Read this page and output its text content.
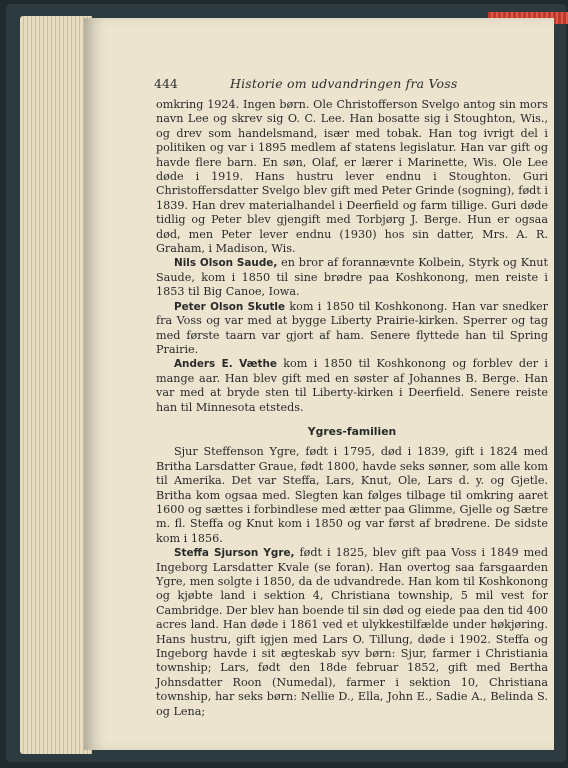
444	Historie om udvandringen fra Voss

omkring 1924. Ingen børn. Ole Christofferson Svelgo antog sin mors navn Lee og skrev sig O. C. Lee. Han bosatte sig i Stoughton, Wis., og drev som handelsmand, især med tobak. Han tog ivrigt del i politiken og var i 1895 medlem af statens legislatur. Han var gift og havde flere barn. En søn, Olaf, er lærer i Marinette, Wis. Ole Lee døde i 1919. Hans hustru lever endnu i Stoughton. Guri Christoffersdatter Svelgo blev gift med Peter Grinde (sogning), født i 1839. Han drev materialhandel i Deerfield og farm tillige. Guri døde tidlig og Peter blev gjengift med Torbjørg J. Berge. Hun er ogsaa død, men Peter lever endnu (1930) hos sin datter, Mrs. A. R. Graham, i Madison, Wis.

Nils Olson Saude, en bror af forannævnte Kolbein, Styrk og Knut Saude, kom i 1850 til sine brødre paa Koshkonong, men reiste i 1853 til Big Canoe, Iowa.

Peter Olson Skutle kom i 1850 til Koshkonong. Han var snedker fra Voss og var med at bygge Liberty Prairie-kirken. Sperrer og tag med første taarn var gjort af ham. Senere flyttede han til Spring Prairie.

Anders E. Væthe kom i 1850 til Koshkonong og forblev der i mange aar. Han blev gift med en søster af Johannes B. Berge. Han var med at bryde sten til Liberty-kirken i Deerfield. Senere reiste han til Minnesota etsteds.

Ygres-familien

Sjur Steffenson Ygre, født i 1795, død i 1839, gift i 1824 med Britha Larsdatter Graue, født 1800, havde seks sønner, som alle kom til Amerika. Det var Steffa, Lars, Knut, Ole, Lars d. y. og Gjetle. Britha kom ogsaa med. Slegten kan følges tilbage til omkring aaret 1600 og sættes i forbindlese med ætter paa Glimme, Gjelle og Sætre m. fl. Steffa og Knut kom i 1850 og var først af brødrene. De sidste kom i 1856.

Steffa Sjurson Ygre, født i 1825, blev gift paa Voss i 1849 med Ingeborg Larsdatter Kvale (se foran). Han overtog saa farsgaarden Ygre, men solgte i 1850, da de udvandrede. Han kom til Koshkonong og kjøbte land i sektion 4, Christiana township, 5 mil vest for Cambridge. Der blev han boende til sin død og eiede paa den tid 400 acres land. Han døde i 1861 ved et ulykkestilfælde under høkjøring. Hans hustru, gift igjen med Lars O. Tillung, døde i 1902. Steffa og Ingeborg havde i sit ægteskab syv børn: Sjur, farmer i Christiania township; Lars, født den 18de februar 1852, gift med Bertha Johnsdatter Roon (Numedal), farmer i sektion 10, Christiana township, har seks børn: Nellie D., Ella, John E., Sadie A., Belinda S. og Lena;
